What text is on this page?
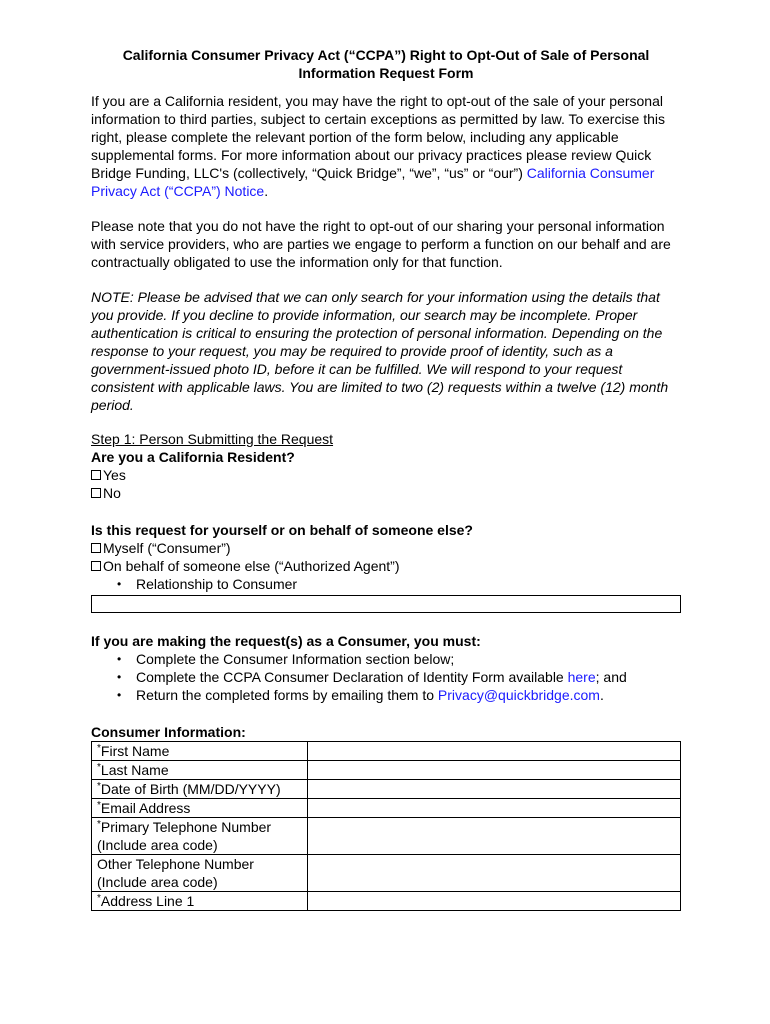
California Consumer Privacy Act (“CCPA”) Right to Opt-Out of Sale of Personal
Information Request Form

If you are a California resident, you may have the right to opt-out of the sale of your personal information to third parties, subject to certain exceptions as permitted by law. To exercise this right, please complete the relevant portion of the form below, including any applicable supplemental forms. For more information about our privacy practices please review Quick Bridge Funding, LLC's (collectively, “Quick Bridge”, “we”, “us” or “our”) California Consumer Privacy Act (“CCPA”) Notice.

Please note that you do not have the right to opt-out of our sharing your personal information with service providers, who are parties we engage to perform a function on our behalf and are contractually obligated to use the information only for that function.

NOTE: Please be advised that we can only search for your information using the details that you provide. If you decline to provide information, our search may be incomplete. Proper authentication is critical to ensuring the protection of personal information. Depending on the response to your request, you may be required to provide proof of identity, such as a government-issued photo ID, before it can be fulfilled. We will respond to your request consistent with applicable laws. You are limited to two (2) requests within a twelve (12) month period.

Step 1: Person Submitting the Request
Are you a California Resident?
Yes
No
Is this request for yourself or on behalf of someone else?
Myself (“Consumer”)
On behalf of someone else (“Authorized Agent”)
• Relationship to Consumer
If you are making the request(s) as a Consumer, you must:
• Complete the Consumer Information section below;
• Complete the CCPA Consumer Declaration of Identity Form available here; and
• Return the completed forms by emailing them to Privacy@quickbridge.com.
Consumer Information:
*First Name	
*Last Name	
*Date of Birth (MM/DD/YYYY)	
*Email Address	
*Primary Telephone Number
(Include area code)	
Other Telephone Number
(Include area code)	
*Address Line 1	
